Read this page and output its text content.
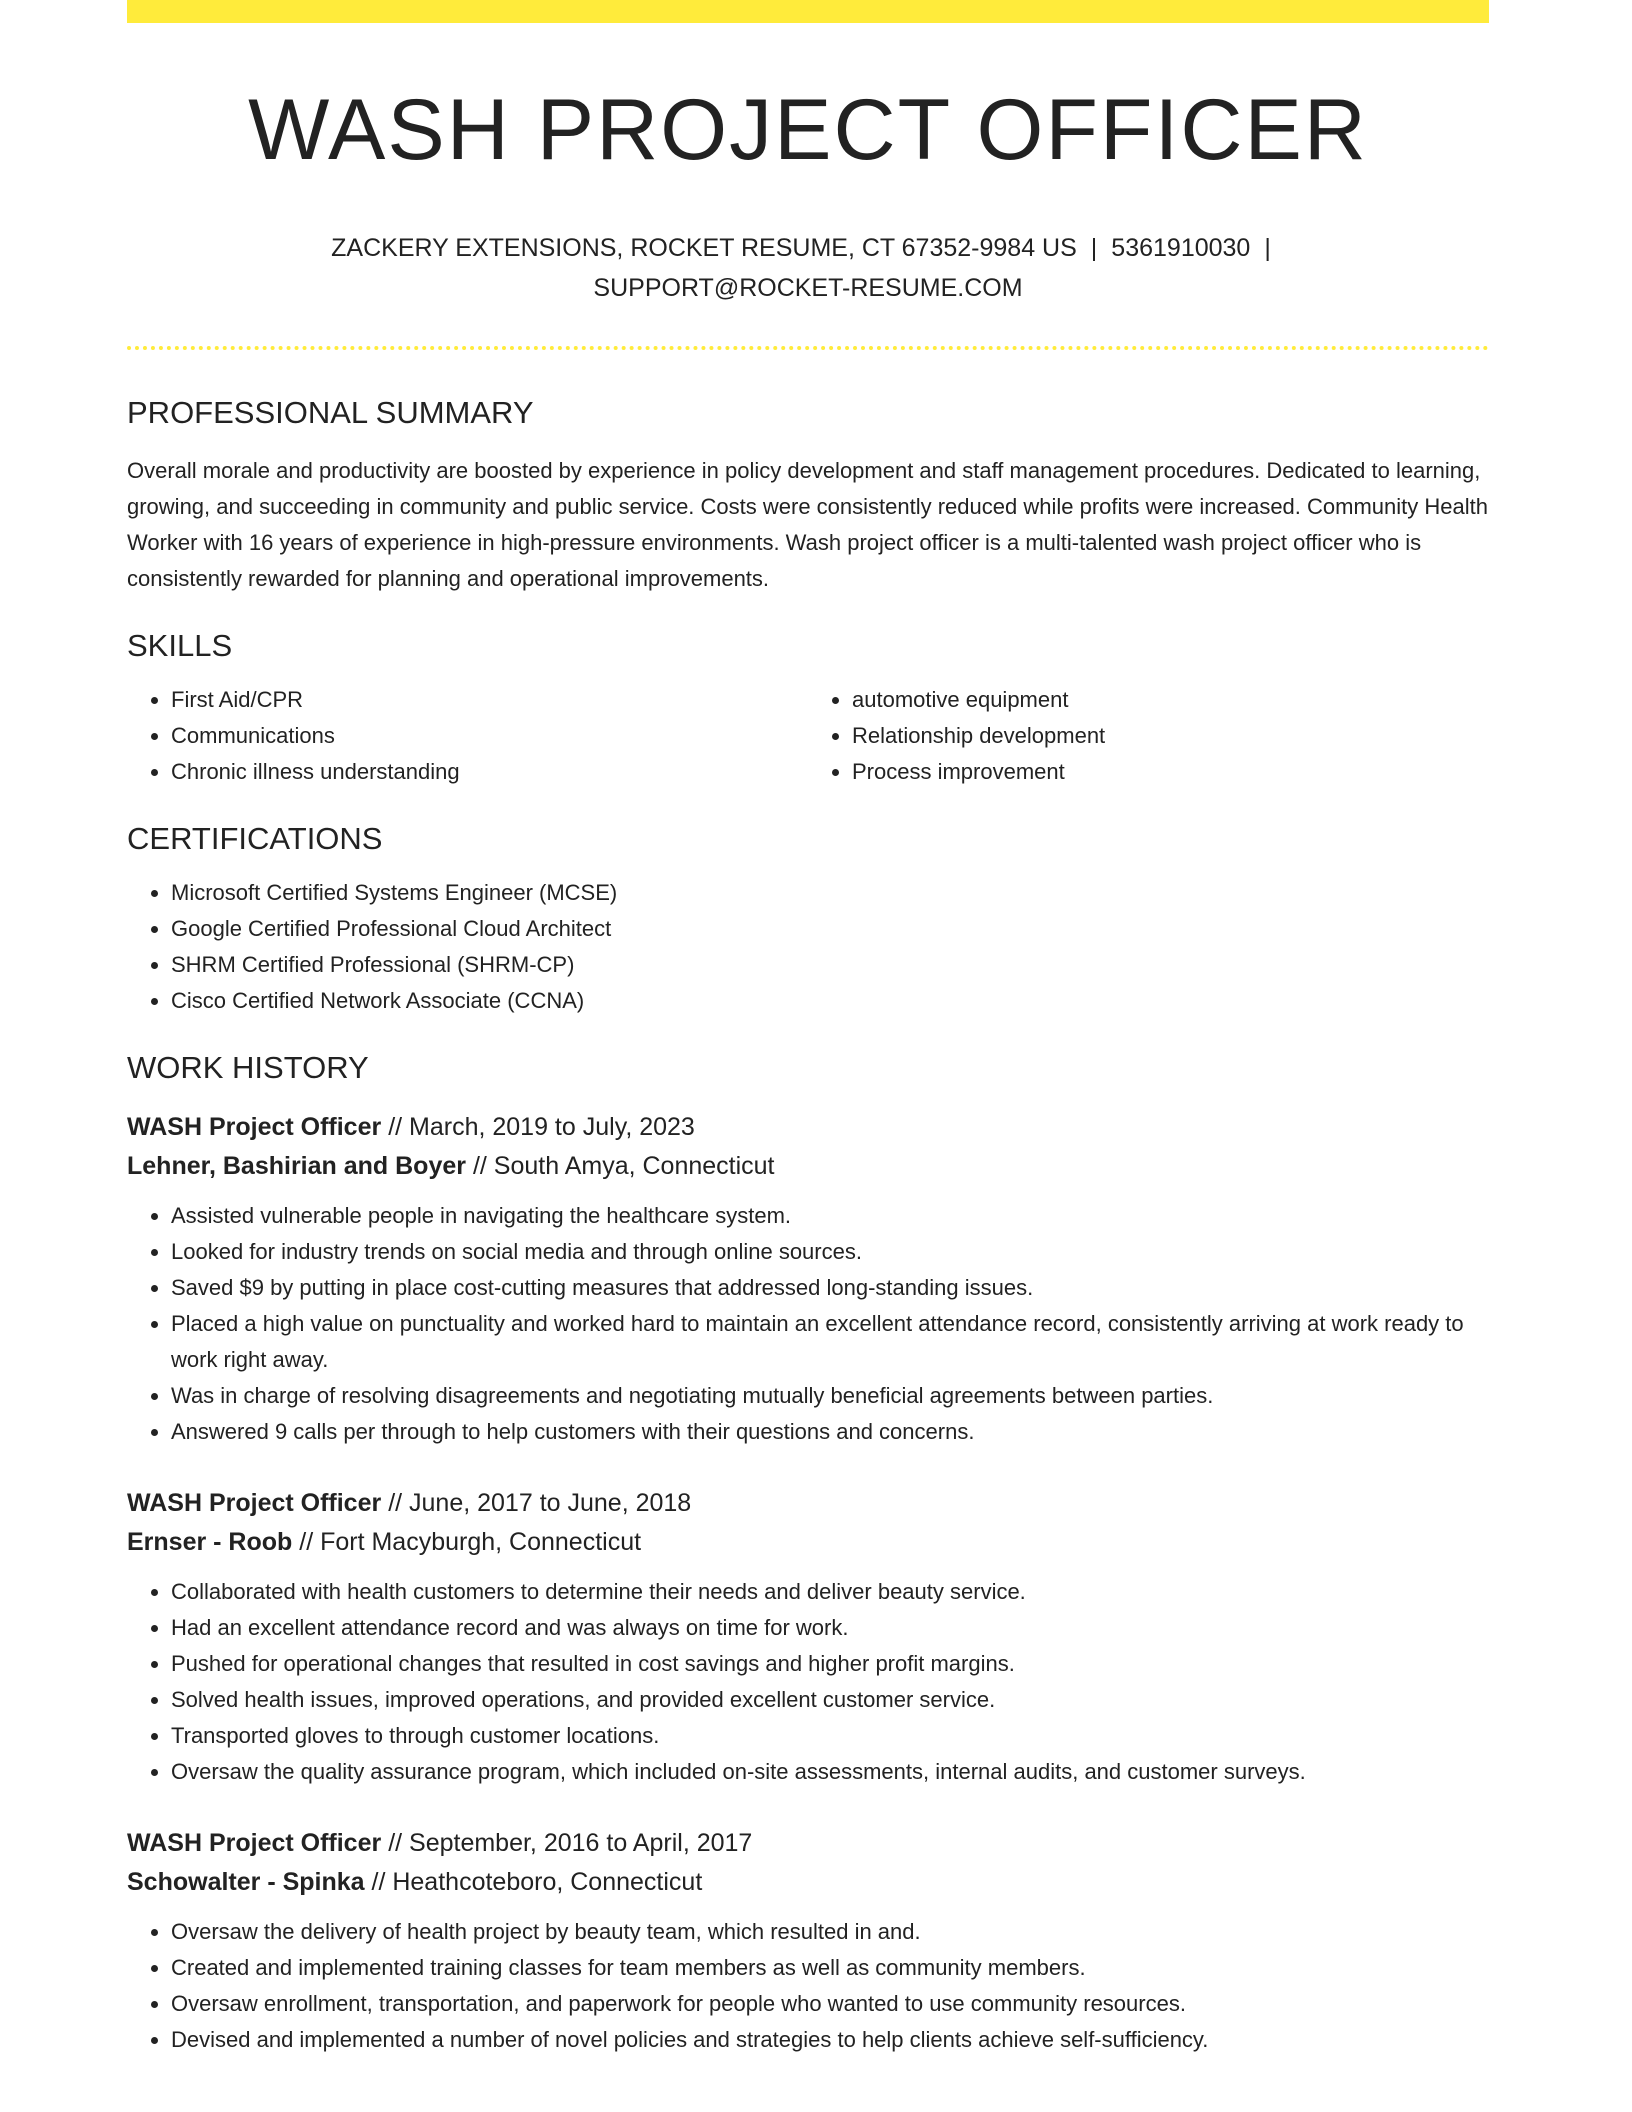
WASH PROJECT OFFICER
ZACKERY EXTENSIONS, ROCKET RESUME, CT 67352-9984 US | 5361910030 |
SUPPORT@ROCKET-RESUME.COM
PROFESSIONAL SUMMARY

Overall morale and productivity are boosted by experience in policy development and staff management procedures. Dedicated to learning, growing, and succeeding in community and public service. Costs were consistently reduced while profits were increased. Community Health Worker with 16 years of experience in high-pressure environments. Wash project officer is a multi-talented wash project officer who is consistently rewarded for planning and operational improvements.

SKILLS
• First Aid/CPR
• Communications
• Chronic illness understanding
• automotive equipment
• Relationship development
• Process improvement
CERTIFICATIONS
• Microsoft Certified Systems Engineer (MCSE)
• Google Certified Professional Cloud Architect
• SHRM Certified Professional (SHRM-CP)
• Cisco Certified Network Associate (CCNA)
WORK HISTORY
WASH Project Officer // March, 2019 to July, 2023
Lehner, Bashirian and Boyer // South Amya, Connecticut
• Assisted vulnerable people in navigating the healthcare system.
• Looked for industry trends on social media and through online sources.
• Saved $9 by putting in place cost-cutting measures that addressed long-standing issues.
• Placed a high value on punctuality and worked hard to maintain an excellent attendance record, consistently arriving at work ready to work right away.
• Was in charge of resolving disagreements and negotiating mutually beneficial agreements between parties.
• Answered 9 calls per through to help customers with their questions and concerns.
WASH Project Officer // June, 2017 to June, 2018
Ernser - Roob // Fort Macyburgh, Connecticut
• Collaborated with health customers to determine their needs and deliver beauty service.
• Had an excellent attendance record and was always on time for work.
• Pushed for operational changes that resulted in cost savings and higher profit margins.
• Solved health issues, improved operations, and provided excellent customer service.
• Transported gloves to through customer locations.
• Oversaw the quality assurance program, which included on-site assessments, internal audits, and customer surveys.
WASH Project Officer // September, 2016 to April, 2017
Schowalter - Spinka // Heathcoteboro, Connecticut
• Oversaw the delivery of health project by beauty team, which resulted in and.
• Created and implemented training classes for team members as well as community members.
• Oversaw enrollment, transportation, and paperwork for people who wanted to use community resources.
• Devised and implemented a number of novel policies and strategies to help clients achieve self-sufficiency.
